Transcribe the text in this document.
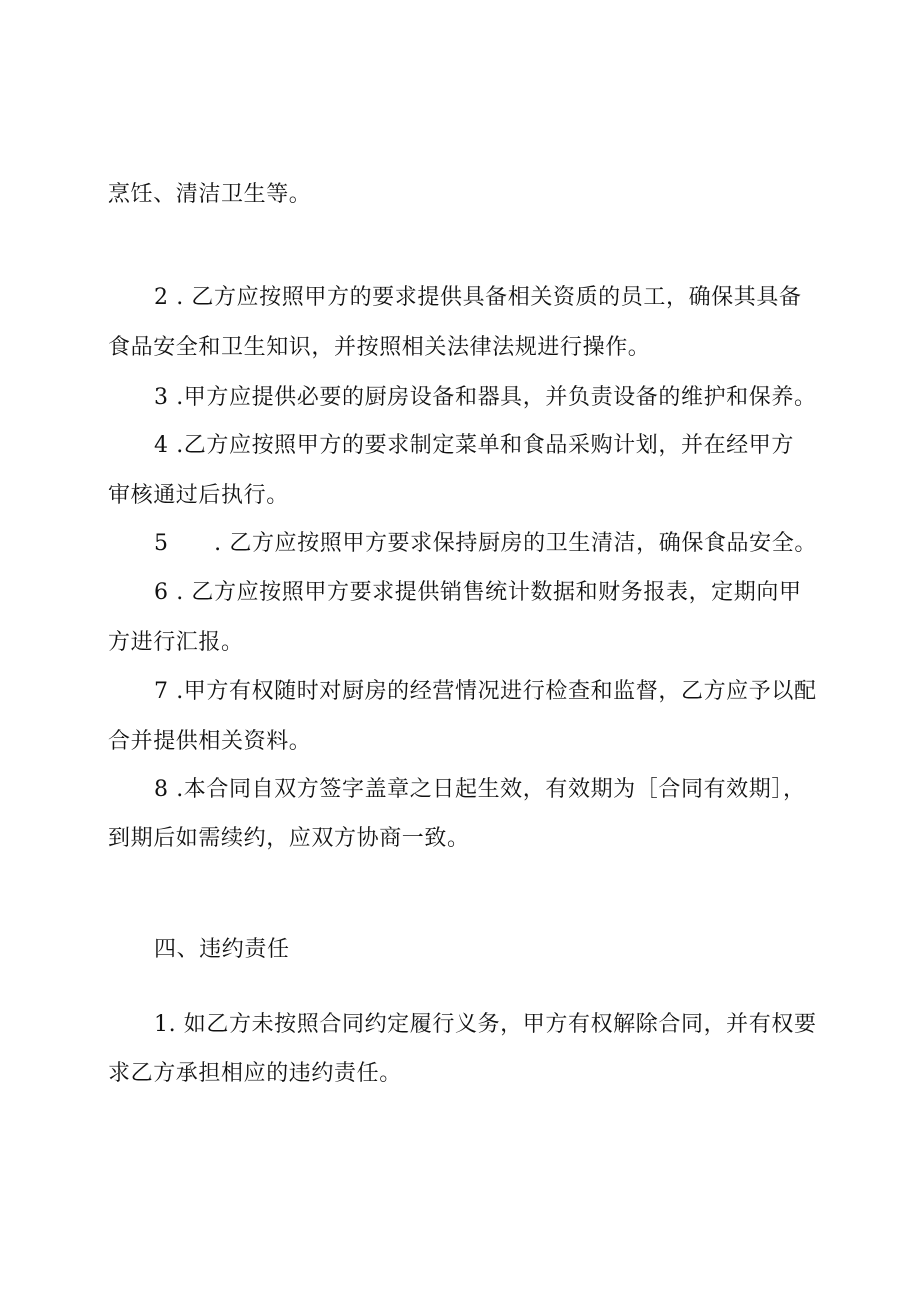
烹饪、清洁卫生等。

2 . 乙方应按照甲方的要求提供具备相关资质的员工，确保其具备

食品安全和卫生知识，并按照相关法律法规进行操作。

3 .甲方应提供必要的厨房设备和器具，并负责设备的维护和保养。

4 .乙方应按照甲方的要求制定菜单和食品采购计划，并在经甲方

审核通过后执行。

5      . 乙方应按照甲方要求保持厨房的卫生清洁，确保食品安全。

6 . 乙方应按照甲方要求提供销售统计数据和财务报表，定期向甲

方进行汇报。

7 .甲方有权随时对厨房的经营情况进行检查和监督，乙方应予以配

合并提供相关资料。

8 .本合同自双方签字盖章之日起生效，有效期为［合同有效期］，

到期后如需续约，应双方协商一致。

四、违约责任

1. 如乙方未按照合同约定履行义务，甲方有权解除合同，并有权要

求乙方承担相应的违约责任。
